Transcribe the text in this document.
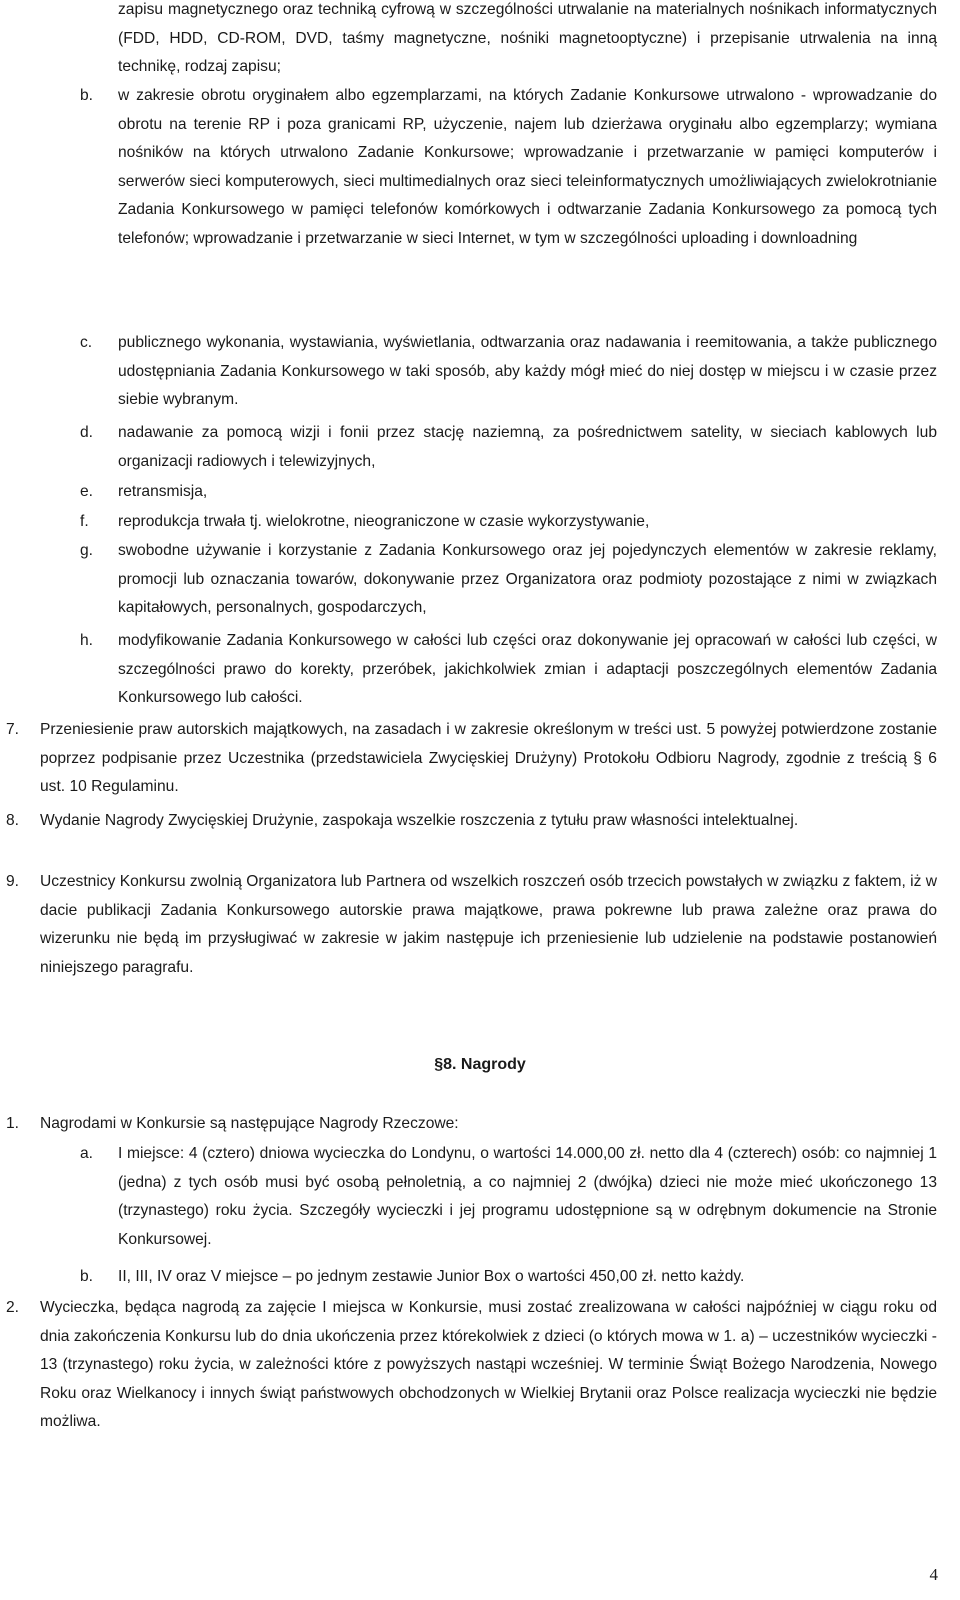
zapisu magnetycznego oraz techniką cyfrową w szczególności utrwalanie na materialnych nośnikach informatycznych (FDD, HDD, CD-ROM, DVD, taśmy magnetyczne, nośniki magnetooptyczne) i przepisanie utrwalenia na inną technikę, rodzaj zapisu;

b. w zakresie obrotu oryginałem albo egzemplarzami, na których Zadanie Konkursowe utrwalono - wprowadzanie do obrotu na terenie RP i poza granicami RP, użyczenie, najem lub dzierżawa oryginału albo egzemplarzy; wymiana nośników na których utrwalono Zadanie Konkursowe; wprowadzanie i przetwarzanie w pamięci komputerów i serwerów sieci komputerowych, sieci multimedialnych oraz sieci teleinformatycznych umożliwiających zwielokrotnianie Zadania Konkursowego w pamięci telefonów komórkowych i odtwarzanie Zadania Konkursowego za pomocą tych telefonów; wprowadzanie i przetwarzanie w sieci Internet, w tym w szczególności uploading i downloadning

c. publicznego wykonania, wystawiania, wyświetlania, odtwarzania oraz nadawania i reemitowania, a także publicznego udostępniania Zadania Konkursowego w taki sposób, aby każdy mógł mieć do niej dostęp w miejscu i w czasie przez siebie wybranym.

d. nadawanie za pomocą wizji i fonii przez stację naziemną, za pośrednictwem satelity, w sieciach kablowych lub organizacji radiowych i telewizyjnych,

e. retransmisja,

f. reprodukcja trwała tj. wielokrotne, nieograniczone w czasie wykorzystywanie,

g. swobodne używanie i korzystanie z Zadania Konkursowego oraz jej pojedynczych elementów w zakresie reklamy, promocji lub oznaczania towarów, dokonywanie przez Organizatora oraz podmioty pozostające z nimi w związkach kapitałowych, personalnych, gospodarczych,

h. modyfikowanie Zadania Konkursowego w całości lub części oraz dokonywanie jej opracowań w całości lub części, w szczególności prawo do korekty, przeróbek, jakichkolwiek zmian i adaptacji poszczególnych elementów Zadania Konkursowego lub całości.

7. Przeniesienie praw autorskich majątkowych, na zasadach i w zakresie określonym w treści ust. 5 powyżej potwierdzone zostanie poprzez podpisanie przez Uczestnika (przedstawiciela Zwycięskiej Drużyny) Protokołu Odbioru Nagrody, zgodnie z treścią § 6 ust. 10 Regulaminu.

8. Wydanie Nagrody Zwycięskiej Drużynie, zaspokaja wszelkie roszczenia z tytułu praw własności intelektualnej.

9. Uczestnicy Konkursu zwolnią Organizatora lub Partnera od wszelkich roszczeń osób trzecich powstałych w związku z faktem, iż w dacie publikacji Zadania Konkursowego autorskie prawa majątkowe, prawa pokrewne lub prawa zależne oraz prawa do wizerunku nie będą im przysługiwać w zakresie w jakim następuje ich przeniesienie lub udzielenie na podstawie postanowień niniejszego paragrafu.

§8. Nagrody
1. Nagrodami w Konkursie są następujące Nagrody Rzeczowe:

a. I miejsce: 4 (cztero) dniowa wycieczka do Londynu, o wartości 14.000,00 zł. netto dla 4 (czterech) osób: co najmniej 1 (jedna) z tych osób musi być osobą pełnoletnią, a co najmniej 2 (dwójka) dzieci nie może mieć ukończonego 13 (trzynastego) roku życia. Szczegóły wycieczki i jej programu udostępnione są w odrębnym dokumencie na Stronie Konkursowej.

b. II, III, IV oraz V miejsce – po jednym zestawie Junior Box o wartości 450,00 zł. netto każdy.

2. Wycieczka, będąca nagrodą za zajęcie I miejsca w Konkursie, musi zostać zrealizowana w całości najpóźniej w ciągu roku od dnia zakończenia Konkursu lub do dnia ukończenia przez którekolwiek z dzieci (o których mowa w 1. a) – uczestników wycieczki - 13 (trzynastego) roku życia, w zależności które z powyższych nastąpi wcześniej. W terminie Świąt Bożego Narodzenia, Nowego Roku oraz Wielkanocy i innych świąt państwowych obchodzonych w Wielkiej Brytanii oraz Polsce realizacja wycieczki nie będzie możliwa.

4
